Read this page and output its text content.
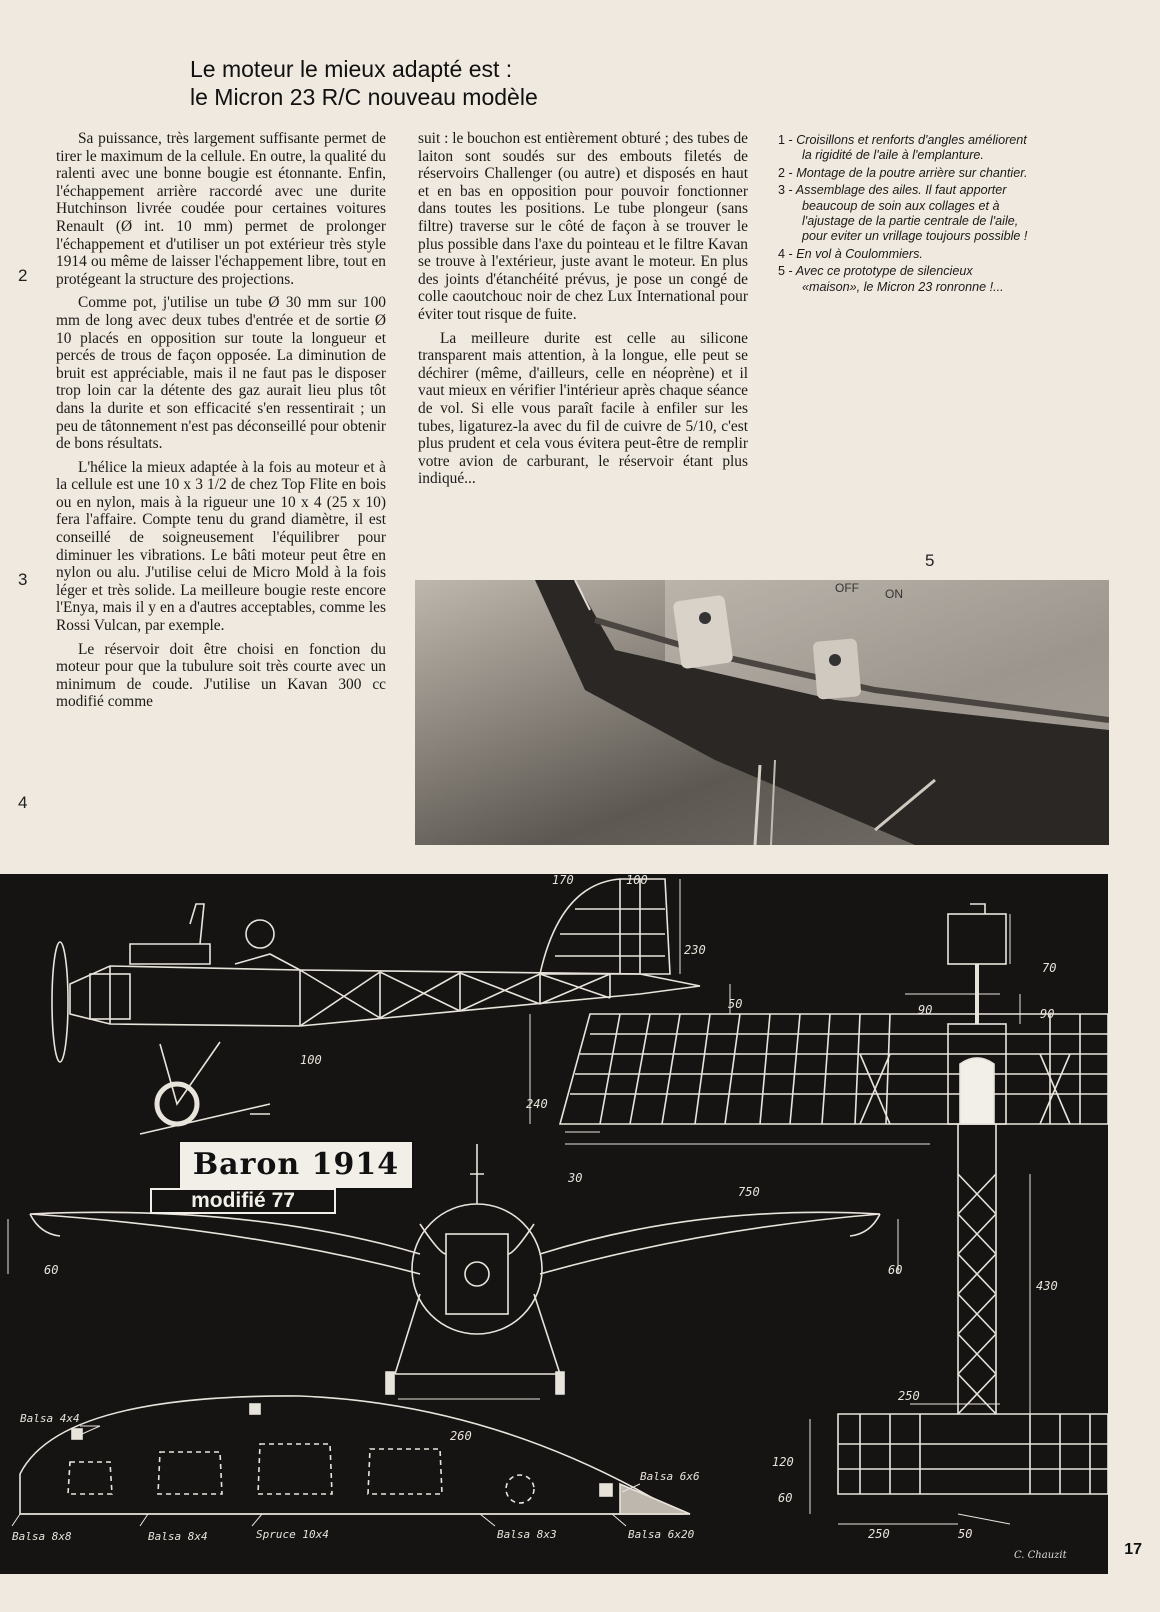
Le moteur le mieux adapté est :
le Micron 23 R/C nouveau modèle

Sa puissance, très largement suffisante permet de tirer le maximum de la cellule. En outre, la qualité du ralenti avec une bonne bougie est étonnante. Enfin, l'échappement arrière raccordé avec une durite Hutchinson livrée coudée pour certaines voitures Renault (Ø int. 10 mm) permet de prolonger l'échappement et d'utiliser un pot extérieur très style 1914 ou même de laisser l'échappement libre, tout en protégeant la structure des projections.

Comme pot, j'utilise un tube Ø 30 mm sur 100 mm de long avec deux tubes d'entrée et de sortie Ø 10 placés en opposition sur toute la longueur et percés de trous de façon opposée. La diminution de bruit est appréciable, mais il ne faut pas le disposer trop loin car la détente des gaz aurait lieu plus tôt dans la durite et son efficacité s'en ressentirait ; un peu de tâtonnement n'est pas déconseillé pour obtenir de bons résultats.

L'hélice la mieux adaptée à la fois au moteur et à la cellule est une 10 x 3 1/2 de chez Top Flite en bois ou en nylon, mais à la rigueur une 10 x 4 (25 x 10) fera l'affaire. Compte tenu du grand diamètre, il est conseillé de soigneusement l'équilibrer pour diminuer les vibrations. Le bâti moteur peut être en nylon ou alu. J'utilise celui de Micro Mold à la fois léger et très solide. La meilleure bougie reste encore l'Enya, mais il y en a d'autres acceptables, comme les Rossi Vulcan, par exemple.

Le réservoir doit être choisi en fonction du moteur pour que la tubulure soit très courte avec un minimum de coude. J'utilise un Kavan 300 cc modifié comme

suit : le bouchon est entièrement obturé ; des tubes de laiton sont soudés sur des embouts filetés de réservoirs Challenger (ou autre) et disposés en haut et en bas en opposition pour pouvoir fonctionner dans toutes les positions. Le tube plongeur (sans filtre) traverse sur le côté de façon à se trouver le plus possible dans l'axe du pointeau et le filtre Kavan se trouve à l'extérieur, juste avant le moteur. En plus des joints d'étanchéité prévus, je pose un congé de colle caoutchouc noir de chez Lux International pour éviter tout risque de fuite.

La meilleure durite est celle au silicone transparent mais attention, à la longue, elle peut se déchirer (même, d'ailleurs, celle en néoprène) et il vaut mieux en vérifier l'intérieur après chaque séance de vol. Si elle vous paraît facile à enfiler sur les tubes, ligaturez-la avec du fil de cuivre de 5/10, c'est plus prudent et cela vous évitera peut-être de remplir votre avion de carburant, le réservoir étant plus indiqué...

1 - Croisillons et renforts d'angles améliorent la rigidité de l'aile à l'emplanture.
2 - Montage de la poutre arrière sur chantier.
3 - Assemblage des ailes. Il faut apporter beaucoup de soin aux collages et à l'ajustage de la partie centrale de l'aile, pour eviter un vrillage toujours possible !
4 - En vol à Coulommiers.
5 - Avec ce prototype de silencieux «maison», le Micron 23 ronronne !...
2
3
4
5
OFF ON
170	100
230
100
50	90	90
70
240
30
750
60	60
430
260
250
120
60
250	50
Balsa 4x4
Balsa 8x8	Balsa 8x4	Spruce 10x4	Balsa 8x3
Balsa 6x6
Balsa 6x20
Baron 1914
modifié 77
C. Chauzit	17
